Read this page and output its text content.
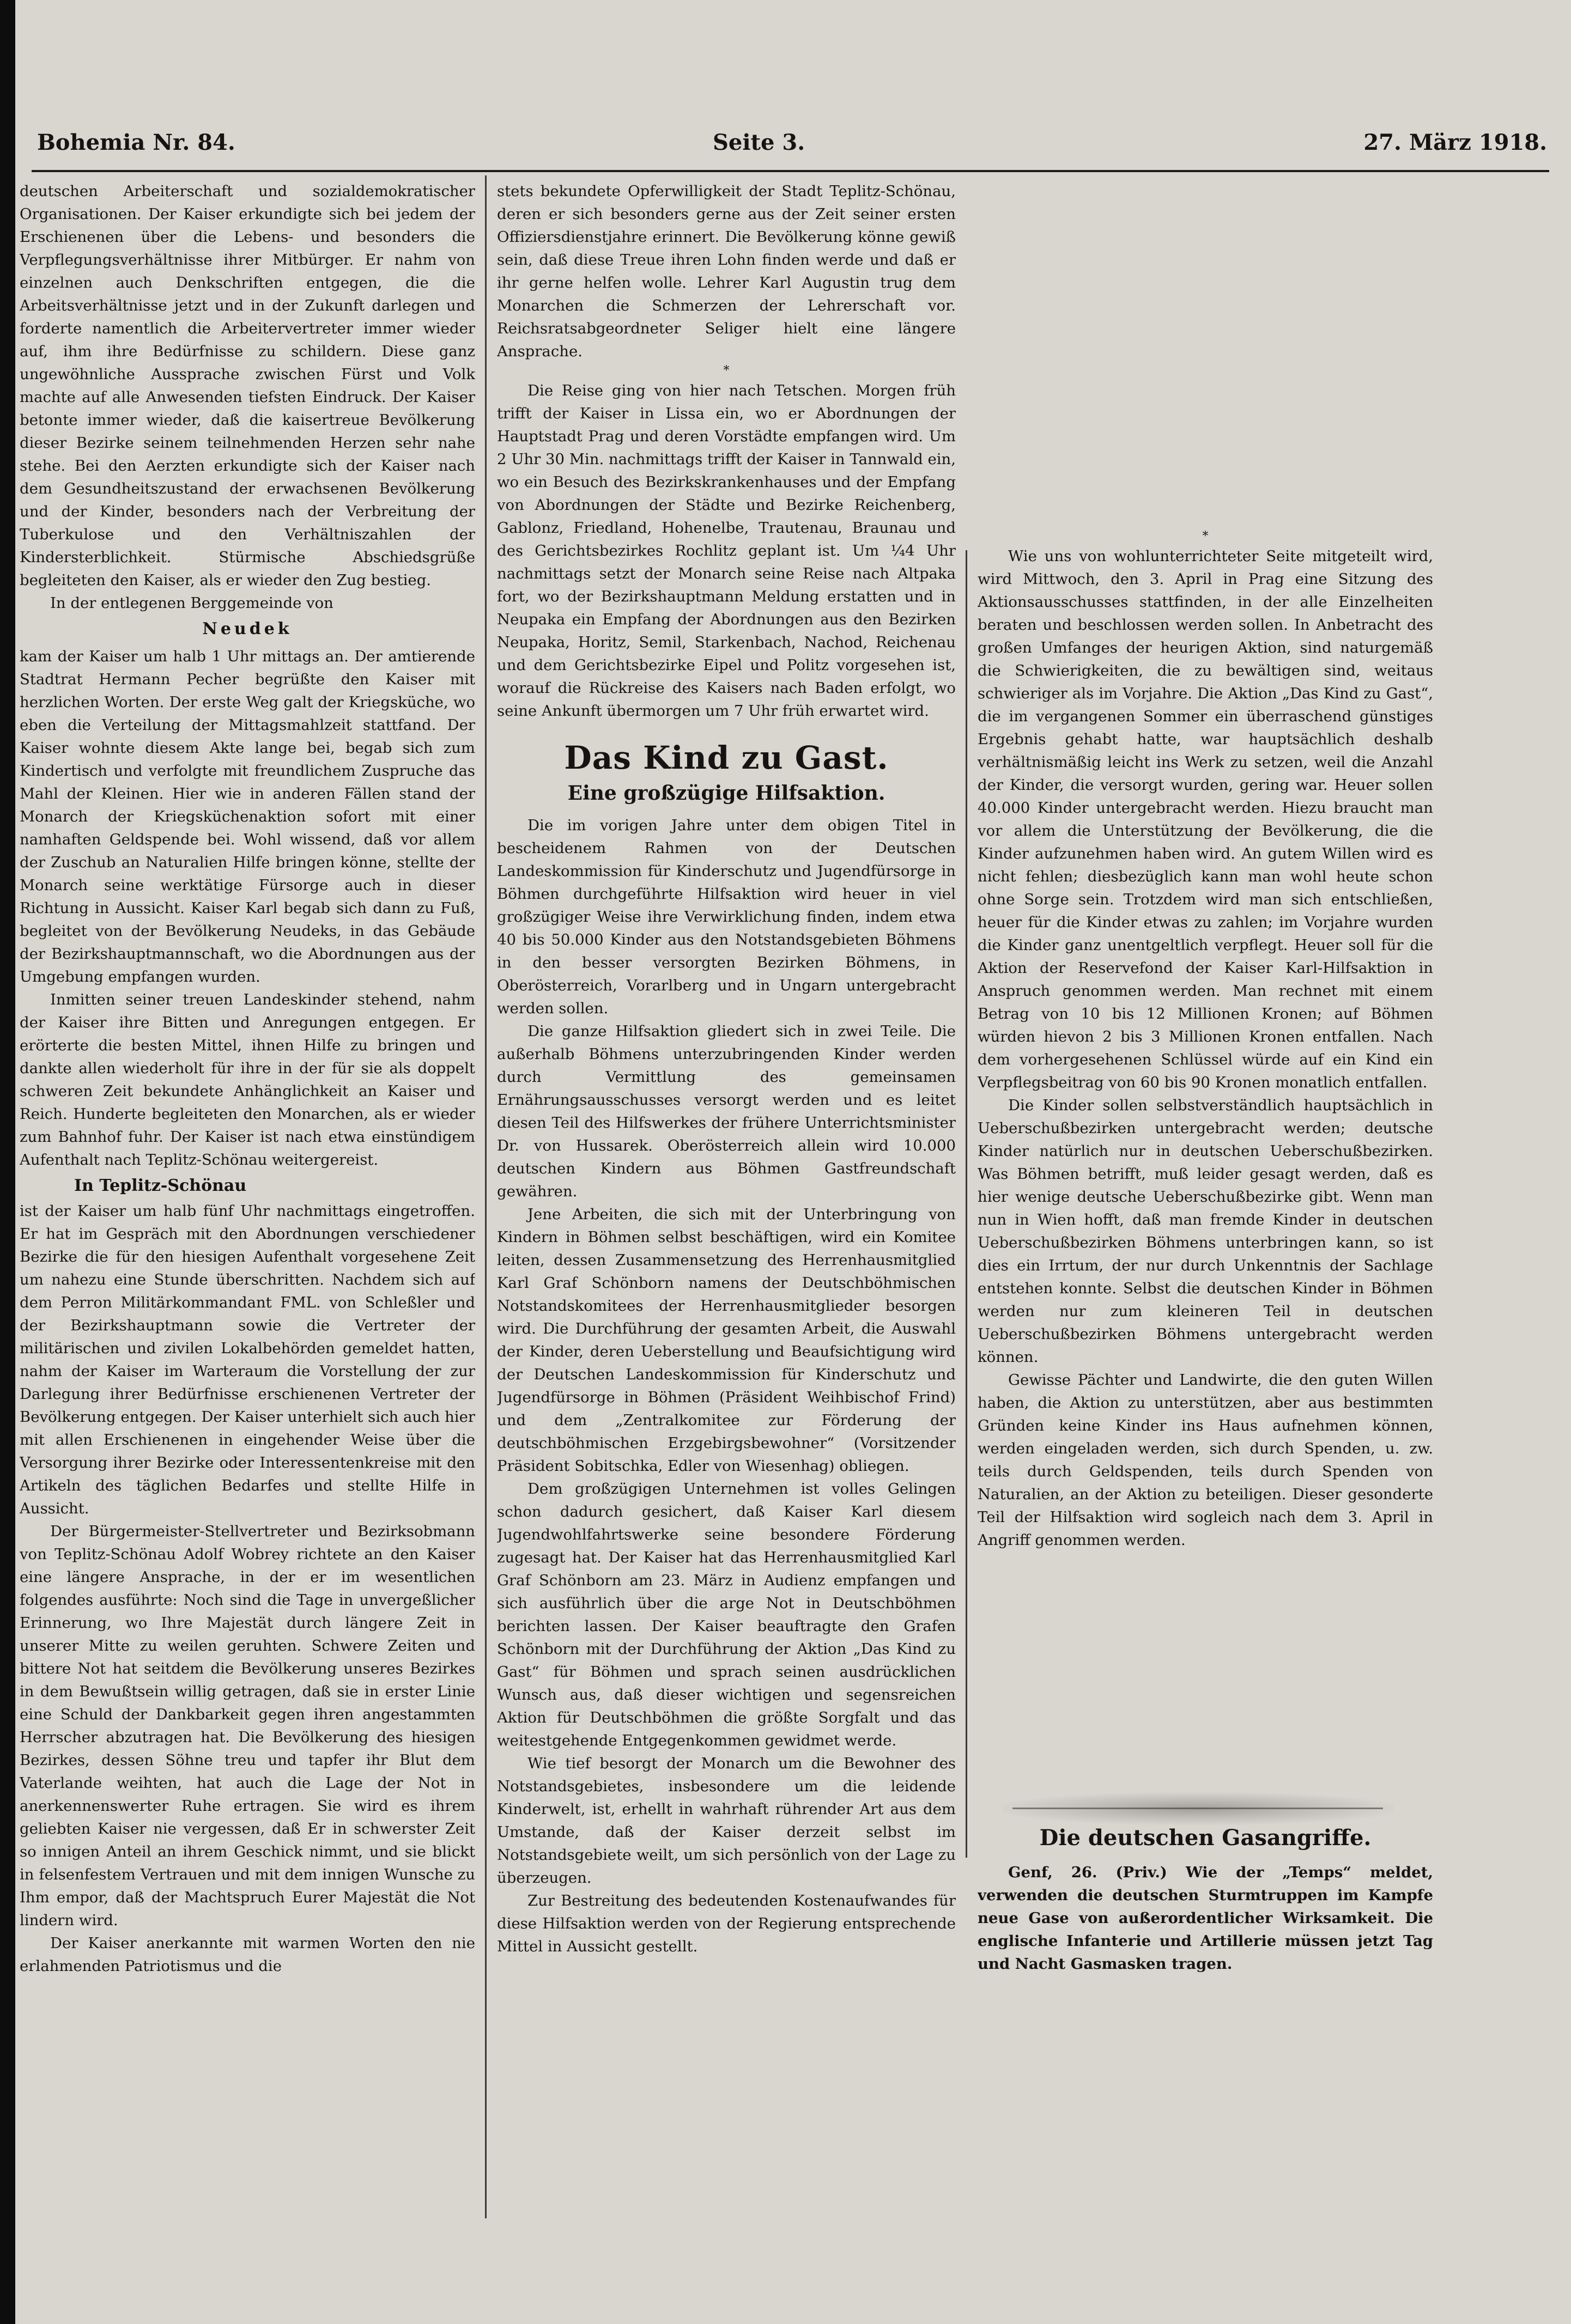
Bohemia Nr. 84.	Seite 3.	27. März 1918.

deutschen Arbeiterschaft und sozialdemokratischer Organisationen. Der Kaiser erkundigte sich bei jedem der Erschienenen über die Lebens- und besonders die Verpflegungsverhältnisse ihrer Mitbürger. Er nahm von einzelnen auch Denkschriften entgegen, die die Arbeitsverhältnisse jetzt und in der Zukunft darlegen und forderte namentlich die Arbeitervertreter immer wieder auf, ihm ihre Bedürfnisse zu schildern. Diese ganz ungewöhnliche Aussprache zwischen Fürst und Volk machte auf alle Anwesenden tiefsten Eindruck. Der Kaiser betonte immer wieder, daß die kaisertreue Bevölkerung dieser Bezirke seinem teilnehmenden Herzen sehr nahe stehe. Bei den Aerzten erkundigte sich der Kaiser nach dem Gesundheitszustand der erwachsenen Bevölkerung und der Kinder, besonders nach der Verbreitung der Tuberkulose und den Verhältniszahlen der Kindersterblichkeit. Stürmische Abschiedsgrüße begleiteten den Kaiser, als er wieder den Zug bestieg.

In der entlegenen Berggemeinde von

Neudek

kam der Kaiser um halb 1 Uhr mittags an. Der amtierende Stadtrat Hermann Pecher begrüßte den Kaiser mit herzlichen Worten. Der erste Weg galt der Kriegsküche, wo eben die Verteilung der Mittagsmahlzeit stattfand. Der Kaiser wohnte diesem Akte lange bei, begab sich zum Kindertisch und verfolgte mit freundlichem Zuspruche das Mahl der Kleinen. Hier wie in anderen Fällen stand der Monarch der Kriegsküchenaktion sofort mit einer namhaften Geldspende bei. Wohl wissend, daß vor allem der Zuschub an Naturalien Hilfe bringen könne, stellte der Monarch seine werktätige Fürsorge auch in dieser Richtung in Aussicht. Kaiser Karl begab sich dann zu Fuß, begleitet von der Bevölkerung Neudeks, in das Gebäude der Bezirkshauptmannschaft, wo die Abordnungen aus der Umgebung empfangen wurden.

Inmitten seiner treuen Landeskinder stehend, nahm der Kaiser ihre Bitten und Anregungen entgegen. Er erörterte die besten Mittel, ihnen Hilfe zu bringen und dankte allen wiederholt für ihre in der für sie als doppelt schweren Zeit bekundete Anhänglichkeit an Kaiser und Reich. Hunderte begleiteten den Monarchen, als er wieder zum Bahnhof fuhr. Der Kaiser ist nach etwa einstündigem Aufenthalt nach Teplitz-Schönau weitergereist.

In Teplitz-Schönau

ist der Kaiser um halb fünf Uhr nachmittags eingetroffen. Er hat im Gespräch mit den Abordnungen verschiedener Bezirke die für den hiesigen Aufenthalt vorgesehene Zeit um nahezu eine Stunde überschritten. Nachdem sich auf dem Perron Militärkommandant FML. von Schleßler und der Bezirkshauptmann sowie die Vertreter der militärischen und zivilen Lokalbehörden gemeldet hatten, nahm der Kaiser im Warteraum die Vorstellung der zur Darlegung ihrer Bedürfnisse erschienenen Vertreter der Bevölkerung entgegen. Der Kaiser unterhielt sich auch hier mit allen Erschienenen in eingehender Weise über die Versorgung ihrer Bezirke oder Interessentenkreise mit den Artikeln des täglichen Bedarfes und stellte Hilfe in Aussicht.

Der Bürgermeister-Stellvertreter und Bezirksobmann von Teplitz-Schönau Adolf Wobrey richtete an den Kaiser eine längere Ansprache, in der er im wesentlichen folgendes ausführte: Noch sind die Tage in unvergeßlicher Erinnerung, wo Ihre Majestät durch längere Zeit in unserer Mitte zu weilen geruhten. Schwere Zeiten und bittere Not hat seitdem die Bevölkerung unseres Bezirkes in dem Bewußtsein willig getragen, daß sie in erster Linie eine Schuld der Dankbarkeit gegen ihren angestammten Herrscher abzutragen hat. Die Bevölkerung des hiesigen Bezirkes, dessen Söhne treu und tapfer ihr Blut dem Vaterlande weihten, hat auch die Lage der Not in anerkennenswerter Ruhe ertragen. Sie wird es ihrem geliebten Kaiser nie vergessen, daß Er in schwerster Zeit so innigen Anteil an ihrem Geschick nimmt, und sie blickt in felsenfestem Vertrauen und mit dem innigen Wunsche zu Ihm empor, daß der Machtspruch Eurer Majestät die Not lindern wird.

Der Kaiser anerkannte mit warmen Worten den nie erlahmenden Patriotismus und die

stets bekundete Opferwilligkeit der Stadt Teplitz-Schönau, deren er sich besonders gerne aus der Zeit seiner ersten Offiziersdienstjahre erinnert. Die Bevölkerung könne gewiß sein, daß diese Treue ihren Lohn finden werde und daß er ihr gerne helfen wolle. Lehrer Karl Augustin trug dem Monarchen die Schmerzen der Lehrerschaft vor. Reichsratsabgeordneter Seliger hielt eine längere Ansprache.

*

Die Reise ging von hier nach Tetschen. Morgen früh trifft der Kaiser in Lissa ein, wo er Abordnungen der Hauptstadt Prag und deren Vorstädte empfangen wird. Um 2 Uhr 30 Min. nachmittags trifft der Kaiser in Tannwald ein, wo ein Besuch des Bezirkskrankenhauses und der Empfang von Abordnungen der Städte und Bezirke Reichenberg, Gablonz, Friedland, Hohenelbe, Trautenau, Braunau und des Gerichtsbezirkes Rochlitz geplant ist. Um ¼4 Uhr nachmittags setzt der Monarch seine Reise nach Altpaka fort, wo der Bezirkshauptmann Meldung erstatten und in Neupaka ein Empfang der Abordnungen aus den Bezirken Neupaka, Horitz, Semil, Starkenbach, Nachod, Reichenau und dem Gerichtsbezirke Eipel und Politz vorgesehen ist, worauf die Rückreise des Kaisers nach Baden erfolgt, wo seine Ankunft übermorgen um 7 Uhr früh erwartet wird.

Das Kind zu Gast.
Eine großzügige Hilfsaktion.

Die im vorigen Jahre unter dem obigen Titel in bescheidenem Rahmen von der Deutschen Landeskommission für Kinderschutz und Jugendfürsorge in Böhmen durchgeführte Hilfsaktion wird heuer in viel großzügiger Weise ihre Verwirklichung finden, indem etwa 40 bis 50.000 Kinder aus den Notstandsgebieten Böhmens in den besser versorgten Bezirken Böhmens, in Oberösterreich, Vorarlberg und in Ungarn untergebracht werden sollen.

Die ganze Hilfsaktion gliedert sich in zwei Teile. Die außerhalb Böhmens unterzubringenden Kinder werden durch Vermittlung des gemeinsamen Ernährungsausschusses versorgt werden und es leitet diesen Teil des Hilfswerkes der frühere Unterrichtsminister Dr. von Hussarek. Oberösterreich allein wird 10.000 deutschen Kindern aus Böhmen Gastfreundschaft gewähren.

Jene Arbeiten, die sich mit der Unterbringung von Kindern in Böhmen selbst beschäftigen, wird ein Komitee leiten, dessen Zusammensetzung des Herrenhausmitglied Karl Graf Schönborn namens der Deutschböhmischen Notstandskomitees der Herrenhausmitglieder besorgen wird. Die Durchführung der gesamten Arbeit, die Auswahl der Kinder, deren Ueberstellung und Beaufsichtigung wird der Deutschen Landeskommission für Kinderschutz und Jugendfürsorge in Böhmen (Präsident Weihbischof Frind) und dem „Zentralkomitee zur Förderung der deutschböhmischen Erzgebirgsbewohner“ (Vorsitzender Präsident Sobitschka, Edler von Wiesenhag) obliegen.

Dem großzügigen Unternehmen ist volles Gelingen schon dadurch gesichert, daß Kaiser Karl diesem Jugendwohlfahrtswerke seine besondere Förderung zugesagt hat. Der Kaiser hat das Herrenhausmitglied Karl Graf Schönborn am 23. März in Audienz empfangen und sich ausführlich über die arge Not in Deutschböhmen berichten lassen. Der Kaiser beauftragte den Grafen Schönborn mit der Durchführung der Aktion „Das Kind zu Gast“ für Böhmen und sprach seinen ausdrücklichen Wunsch aus, daß dieser wichtigen und segensreichen Aktion für Deutschböhmen die größte Sorgfalt und das weitestgehende Entgegenkommen gewidmet werde.

Wie tief besorgt der Monarch um die Bewohner des Notstandsgebietes, insbesondere um die leidende Kinderwelt, ist, erhellt in wahrhaft rührender Art aus dem Umstande, daß der Kaiser derzeit selbst im Notstandsgebiete weilt, um sich persönlich von der Lage zu überzeugen.

Zur Bestreitung des bedeutenden Kostenaufwandes für diese Hilfsaktion werden von der Regierung entsprechende Mittel in Aussicht gestellt.

*

Wie uns von wohlunterrichteter Seite mitgeteilt wird, wird Mittwoch, den 3. April in Prag eine Sitzung des Aktionsausschusses stattfinden, in der alle Einzelheiten beraten und beschlossen werden sollen. In Anbetracht des großen Umfanges der heurigen Aktion, sind naturgemäß die Schwierigkeiten, die zu bewältigen sind, weitaus schwieriger als im Vorjahre. Die Aktion „Das Kind zu Gast“, die im vergangenen Sommer ein überraschend günstiges Ergebnis gehabt hatte, war hauptsächlich deshalb verhältnismäßig leicht ins Werk zu setzen, weil die Anzahl der Kinder, die versorgt wurden, gering war. Heuer sollen 40.000 Kinder untergebracht werden. Hiezu braucht man vor allem die Unterstützung der Bevölkerung, die die Kinder aufzunehmen haben wird. An gutem Willen wird es nicht fehlen; diesbezüglich kann man wohl heute schon ohne Sorge sein. Trotzdem wird man sich entschließen, heuer für die Kinder etwas zu zahlen; im Vorjahre wurden die Kinder ganz unentgeltlich verpflegt. Heuer soll für die Aktion der Reservefond der Kaiser Karl-Hilfsaktion in Anspruch genommen werden. Man rechnet mit einem Betrag von 10 bis 12 Millionen Kronen; auf Böhmen würden hievon 2 bis 3 Millionen Kronen entfallen. Nach dem vorhergesehenen Schlüssel würde auf ein Kind ein Verpflegsbeitrag von 60 bis 90 Kronen monatlich entfallen.

Die Kinder sollen selbstverständlich hauptsächlich in Ueberschußbezirken untergebracht werden; deutsche Kinder natürlich nur in deutschen Ueberschußbezirken. Was Böhmen betrifft, muß leider gesagt werden, daß es hier wenige deutsche Ueberschußbezirke gibt. Wenn man nun in Wien hofft, daß man fremde Kinder in deutschen Ueberschußbezirken Böhmens unterbringen kann, so ist dies ein Irrtum, der nur durch Unkenntnis der Sachlage entstehen konnte. Selbst die deutschen Kinder in Böhmen werden nur zum kleineren Teil in deutschen Ueberschußbezirken Böhmens untergebracht werden können.

Gewisse Pächter und Landwirte, die den guten Willen haben, die Aktion zu unterstützen, aber aus bestimmten Gründen keine Kinder ins Haus aufnehmen können, werden eingeladen werden, sich durch Spenden, u. zw. teils durch Geldspenden, teils durch Spenden von Naturalien, an der Aktion zu beteiligen. Dieser gesonderte Teil der Hilfsaktion wird sogleich nach dem 3. April in Angriff genommen werden.

Die deutschen Gasangriffe.

Genf, 26. (Priv.) Wie der „Temps“ meldet, verwenden die deutschen Sturmtruppen im Kampfe neue Gase von außerordentlicher Wirksamkeit. Die englische Infanterie und Artillerie müssen jetzt Tag und Nacht Gasmasken tragen.
